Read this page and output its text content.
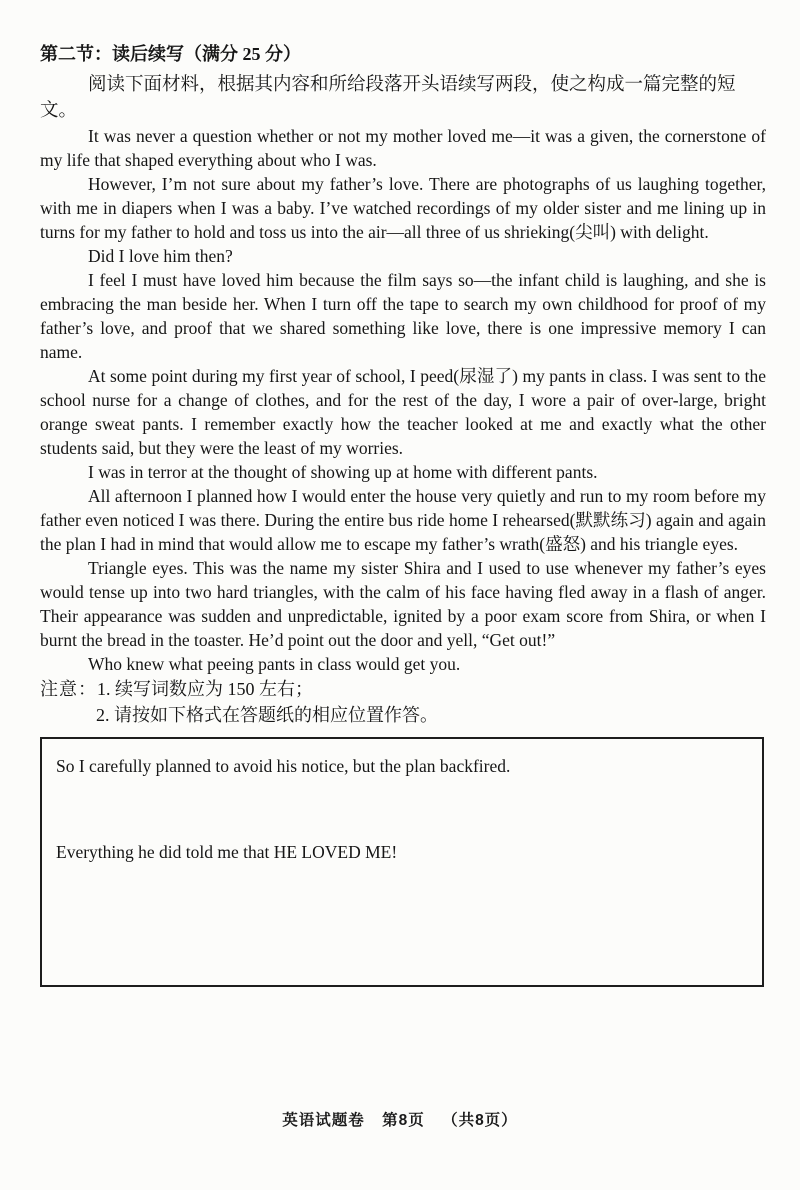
第二节：读后续写（满分 25 分）

阅读下面材料，根据其内容和所给段落开头语续写两段，使之构成一篇完整的短文。

It was never a question whether or not my mother loved me—it was a given, the cornerstone of my life that shaped everything about who I was.

However, I’m not sure about my father’s love. There are photographs of us laughing together, with me in diapers when I was a baby. I’ve watched recordings of my older sister and me lining up in turns for my father to hold and toss us into the air—all three of us shrieking(尖叫) with delight.

Did I love him then?

I feel I must have loved him because the film says so—the infant child is laughing, and she is embracing the man beside her. When I turn off the tape to search my own childhood for proof of my father’s love, and proof that we shared something like love, there is one impressive memory I can name.

At some point during my first year of school, I peed(尿湿了) my pants in class. I was sent to the school nurse for a change of clothes, and for the rest of the day, I wore a pair of over-large, bright orange sweat pants. I remember exactly how the teacher looked at me and exactly what the other students said, but they were the least of my worries.

I was in terror at the thought of showing up at home with different pants.

All afternoon I planned how I would enter the house very quietly and run to my room before my father even noticed I was there. During the entire bus ride home I rehearsed(默默练习) again and again the plan I had in mind that would allow me to escape my father’s wrath(盛怒) and his triangle eyes.

Triangle eyes. This was the name my sister Shira and I used to use whenever my father’s eyes would tense up into two hard triangles, with the calm of his face having fled away in a flash of anger. Their appearance was sudden and unpredictable, ignited by a poor exam score from Shira, or when I burnt the bread in the toaster. He’d point out the door and yell, “Get out!”

Who knew what peeing pants in class would get you.

注意：1. 续写词数应为 150 左右；
2. 请按如下格式在答题纸的相应位置作答。

So I carefully planned to avoid his notice, but the plan backfired.

Everything he did told me that HE LOVED ME!

英语试题卷 第8页 （共8页）
